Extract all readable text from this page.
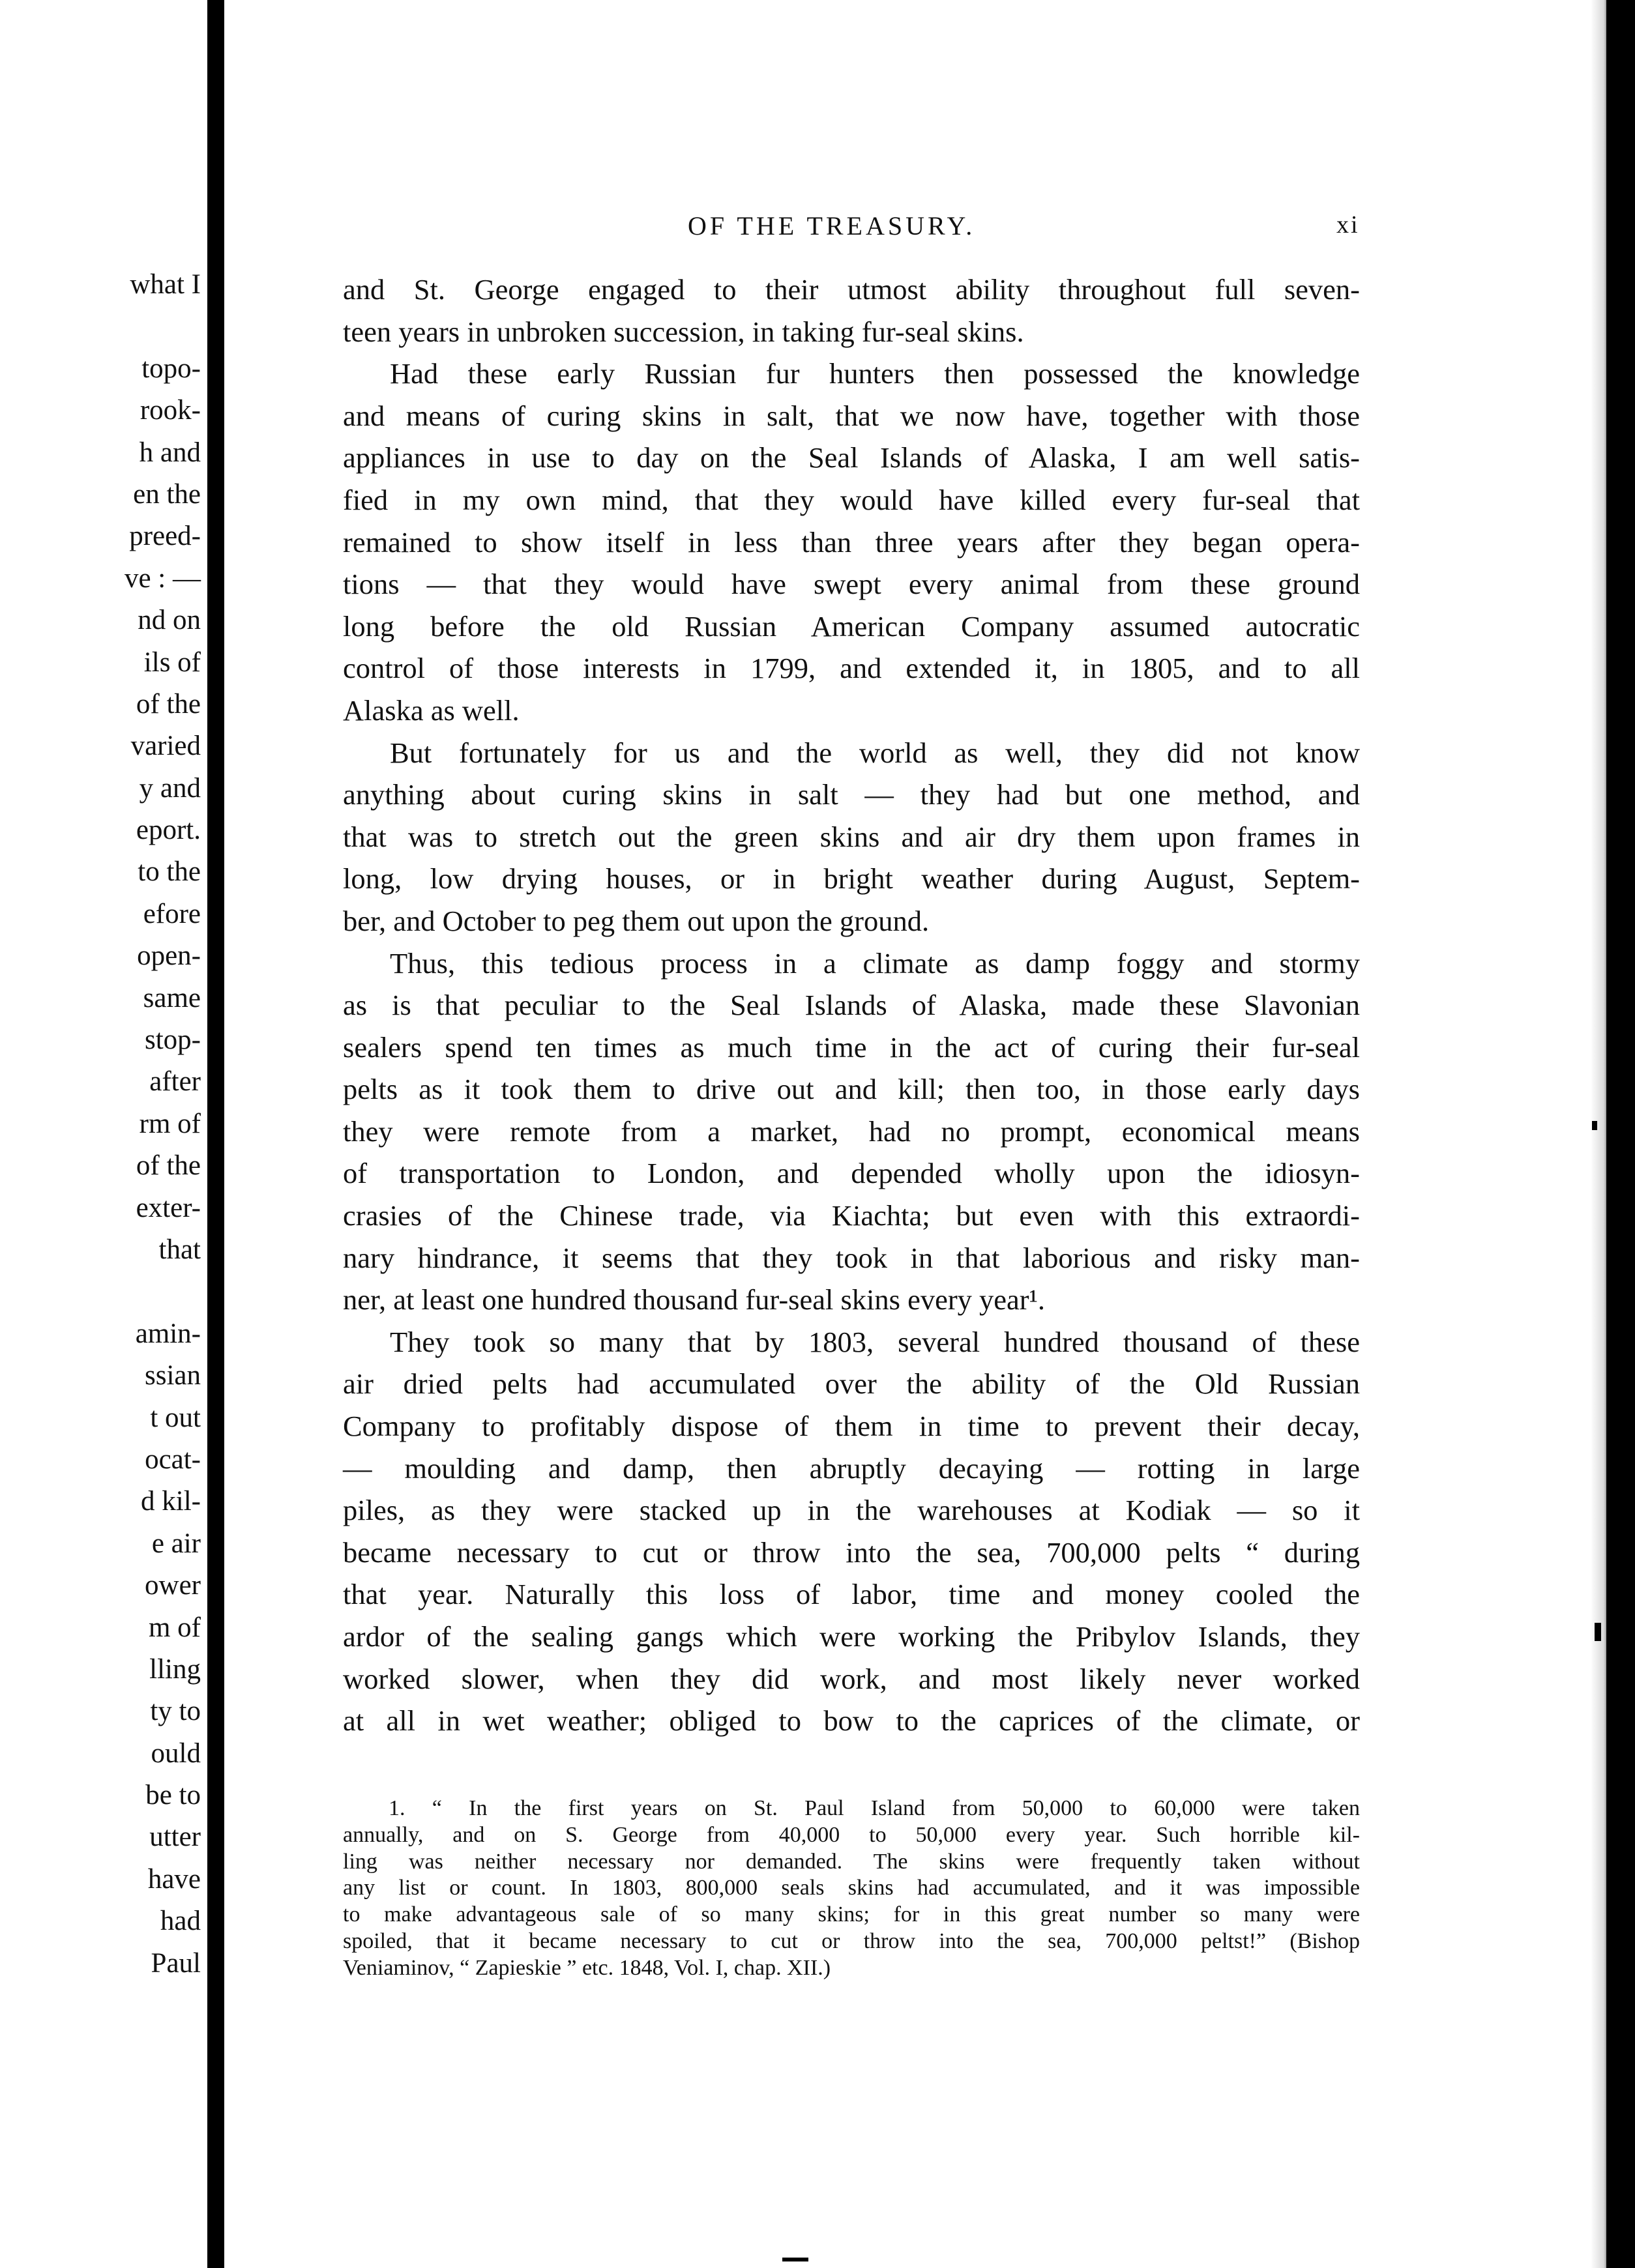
what I
topo-
rook-
h and
en the
preed-
ve : —
nd on
ils of
of the
varied
y and
eport.
to the
efore
open-
same
stop-
after
rm of
of the
exter-
that
amin-
ssian
t out
ocat-
d kil-
e air
ower
m of
lling
ty to
ould
be to
utter
have
had
Paul
OF THE TREASURY.	xi
and St. George engaged to their utmost ability throughout full seven-
teen years in unbroken succession, in taking fur-seal skins.
Had these early Russian fur hunters then possessed the knowledge
and means of curing skins in salt, that we now have, together with those
appliances in use to day on the Seal Islands of Alaska, I am well satis-
fied in my own mind, that they would have killed every fur-seal that
remained to show itself in less than three years after they began opera-
tions — that they would have swept every animal from these ground
long before the old Russian American Company assumed autocratic
control of those interests in 1799, and extended it, in 1805, and to all
Alaska as well.
But fortunately for us and the world as well, they did not know
anything about curing skins in salt — they had but one method, and
that was to stretch out the green skins and air dry them upon frames in
long, low drying houses, or in bright weather during August, Septem-
ber, and October to peg them out upon the ground.
Thus, this tedious process in a climate as damp foggy and stormy
as is that peculiar to the Seal Islands of Alaska, made these Slavonian
sealers spend ten times as much time in the act of curing their fur-seal
pelts as it took them to drive out and kill; then too, in those early days
they were remote from a market, had no prompt, economical means
of transportation to London, and depended wholly upon the idiosyn-
crasies of the Chinese trade, via Kiachta; but even with this extraordi-
nary hindrance, it seems that they took in that laborious and risky man-
ner, at least one hundred thousand fur-seal skins every year¹.
They took so many that by 1803, several hundred thousand of these
air dried pelts had accumulated over the ability of the Old Russian
Company to profitably dispose of them in time to prevent their decay,
— moulding and damp, then abruptly decaying — rotting in large
piles, as they were stacked up in the warehouses at Kodiak — so it
became necessary to cut or throw into the sea, 700,000 pelts “ during
that year. Naturally this loss of labor, time and money cooled the
ardor of the sealing gangs which were working the Pribylov Islands, they
worked slower, when they did work, and most likely never worked
at all in wet weather; obliged to bow to the caprices of the climate, or
1. “ In the first years on St. Paul Island from 50,000 to 60,000 were taken
annually, and on S. George from 40,000 to 50,000 every year. Such horrible kil-
ling was neither necessary nor demanded. The skins were frequently taken without
any list or count. In 1803, 800,000 seals skins had accumulated, and it was impossible
to make advantageous sale of so many skins; for in this great number so many were
spoiled, that it became necessary to cut or throw into the sea, 700,000 peltst!” (Bishop
Veniaminov, “ Zapieskie ” etc. 1848, Vol. I, chap. XII.)
